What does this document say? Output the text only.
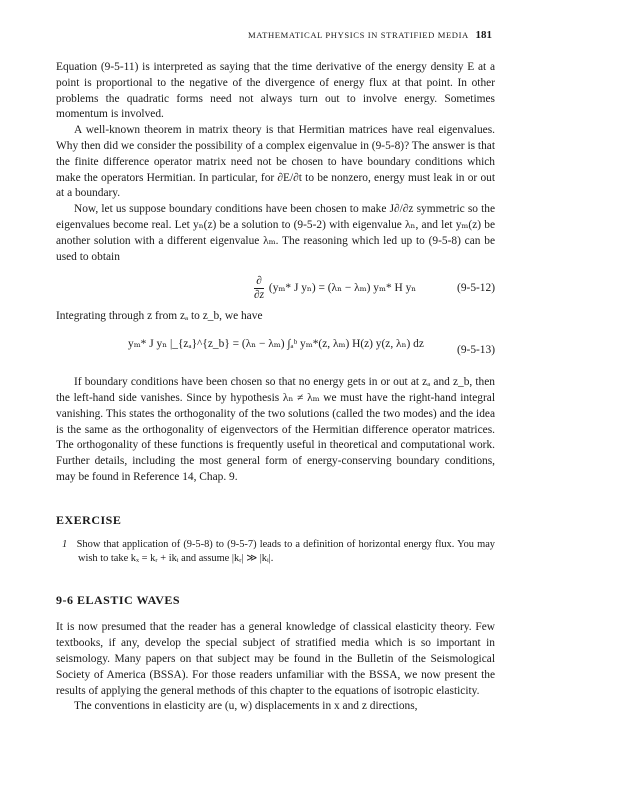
MATHEMATICAL PHYSICS IN STRATIFIED MEDIA 181

Equation (9-5-11) is interpreted as saying that the time derivative of the energy density E at a point is proportional to the negative of the divergence of energy flux at that point. In other problems the quadratic forms need not always turn out to involve energy. Sometimes momentum is involved.

A well-known theorem in matrix theory is that Hermitian matrices have real eigenvalues. Why then did we consider the possibility of a complex eigenvalue in (9-5-8)? The answer is that the finite difference operator matrix need not be chosen to have boundary conditions which make the operators Hermitian. In particular, for ∂E/∂t to be nonzero, energy must leak in or out at a boundary.

Now, let us suppose boundary conditions have been chosen to make J∂/∂z symmetric so the eigenvalues become real. Let yₙ(z) be a solution to (9-5-2) with eigenvalue λₙ, and let yₘ(z) be another solution with a different eigenvalue λₘ. The reasoning which led up to (9-5-8) can be used to obtain

$\frac{\partial}{\partial z} (y_m*$ J yₙ) = (λₙ − λₘ) yₘ* H yₙ	(9-5-12)

Integrating through z from zₐ to z_b, we have

yₘ* J yₙ |_{zₐ}^{z_b} = (λₙ − λₘ) ∫ₐᵇ yₘ*(z, λₘ) H(z) y(z, λₙ) dz	(9-5-13)

If boundary conditions have been chosen so that no energy gets in or out at zₐ and z_b, then the left-hand side vanishes. Since by hypothesis λₙ ≠ λₘ we must have the right-hand integral vanishing. This states the orthogonality of the two solutions (called the two modes) and the idea is the same as the orthogonality of eigenvectors of the Hermitian difference operator matrices. The orthogonality of these functions is frequently useful in theoretical and computational work. Further details, including the most general form of energy-conserving boundary conditions, may be found in Reference 14, Chap. 9.

EXERCISE

1 Show that application of (9-5-8) to (9-5-7) leads to a definition of horizontal energy flux. You may wish to take kₓ = kᵣ + ikᵢ and assume |kᵣ| ≫ |kᵢ|.

9-6 ELASTIC WAVES

It is now presumed that the reader has a general knowledge of classical elasticity theory. Few textbooks, if any, develop the special subject of stratified media which is so important in seismology. Many papers on that subject may be found in the Bulletin of the Seismological Society of America (BSSA). For those readers unfamiliar with the BSSA, we now present the results of applying the general methods of this chapter to the equations of isotropic elasticity.

The conventions in elasticity are (u, w) displacements in x and z directions,
